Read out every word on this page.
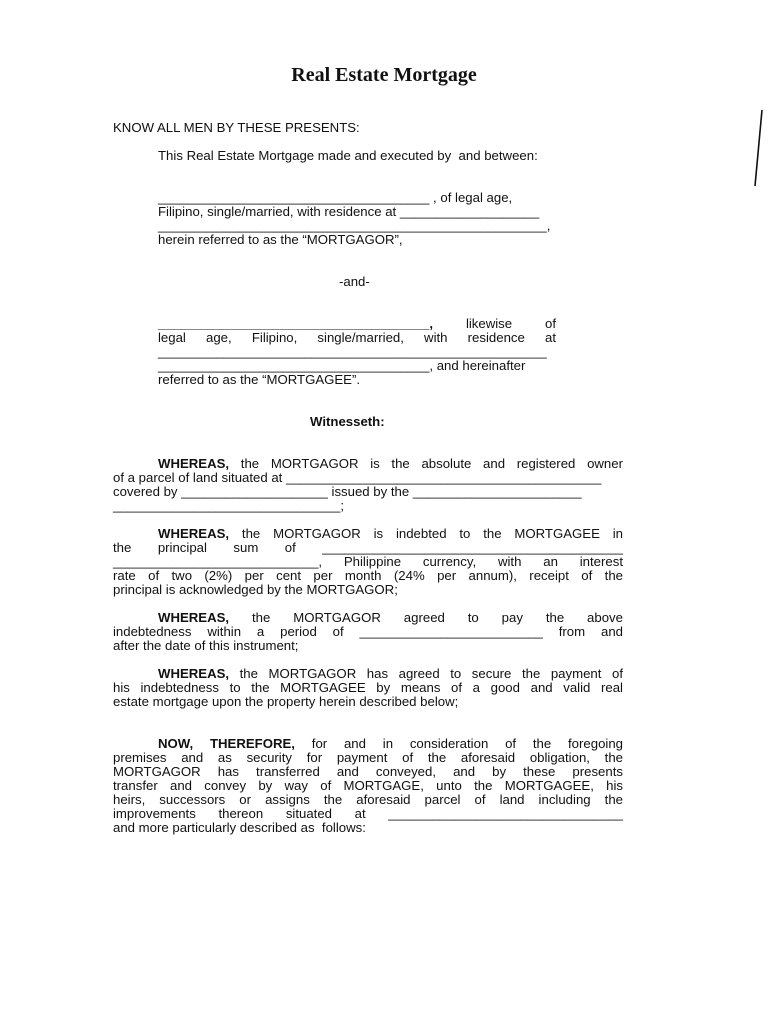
Real Estate Mortgage
KNOW ALL MEN BY THESE PRESENTS:
This Real Estate Mortgage made and executed by  and between:
_____________________________________ , of legal age,
Filipino, single/married, with residence at ___________________
_____________________________________________________,
herein referred to as the “MORTGAGOR”,
-and-
_____________________________________, likewise of
legal age, Filipino, single/married, with residence at
_____________________________________________________
_____________________________________, and hereinafter
referred to as the “MORTGAGEE”.
Witnesseth:
WHEREAS, the MORTGAGOR is the absolute and registered owner
of a parcel of land situated at ___________________________________________
covered by ____________________ issued by the _______________________
_______________________________;
WHEREAS, the MORTGAGOR is indebted to the MORTGAGEE in
the principal sum of _________________________________________
____________________________, Philippine currency, with an interest
rate of two (2%) per cent per month (24% per annum), receipt of the
principal is acknowledged by the MORTGAGOR;
WHEREAS, the MORTGAGOR agreed to pay the above
indebtedness within a period of _________________________ from and
after the date of this instrument;
WHEREAS, the MORTGAGOR has agreed to secure the payment of
his indebtedness to the MORTGAGEE by means of a good and valid real
estate mortgage upon the property herein described below;
NOW, THEREFORE, for and in consideration of the foregoing
premises and as security for payment of the aforesaid obligation, the
MORTGAGOR has transferred and conveyed, and by these presents
transfer and convey by way of MORTGAGE, unto the MORTGAGEE, his
heirs, successors or assigns the aforesaid parcel of land including the
improvements thereon situated at ________________________________
and more particularly described as  follows:
